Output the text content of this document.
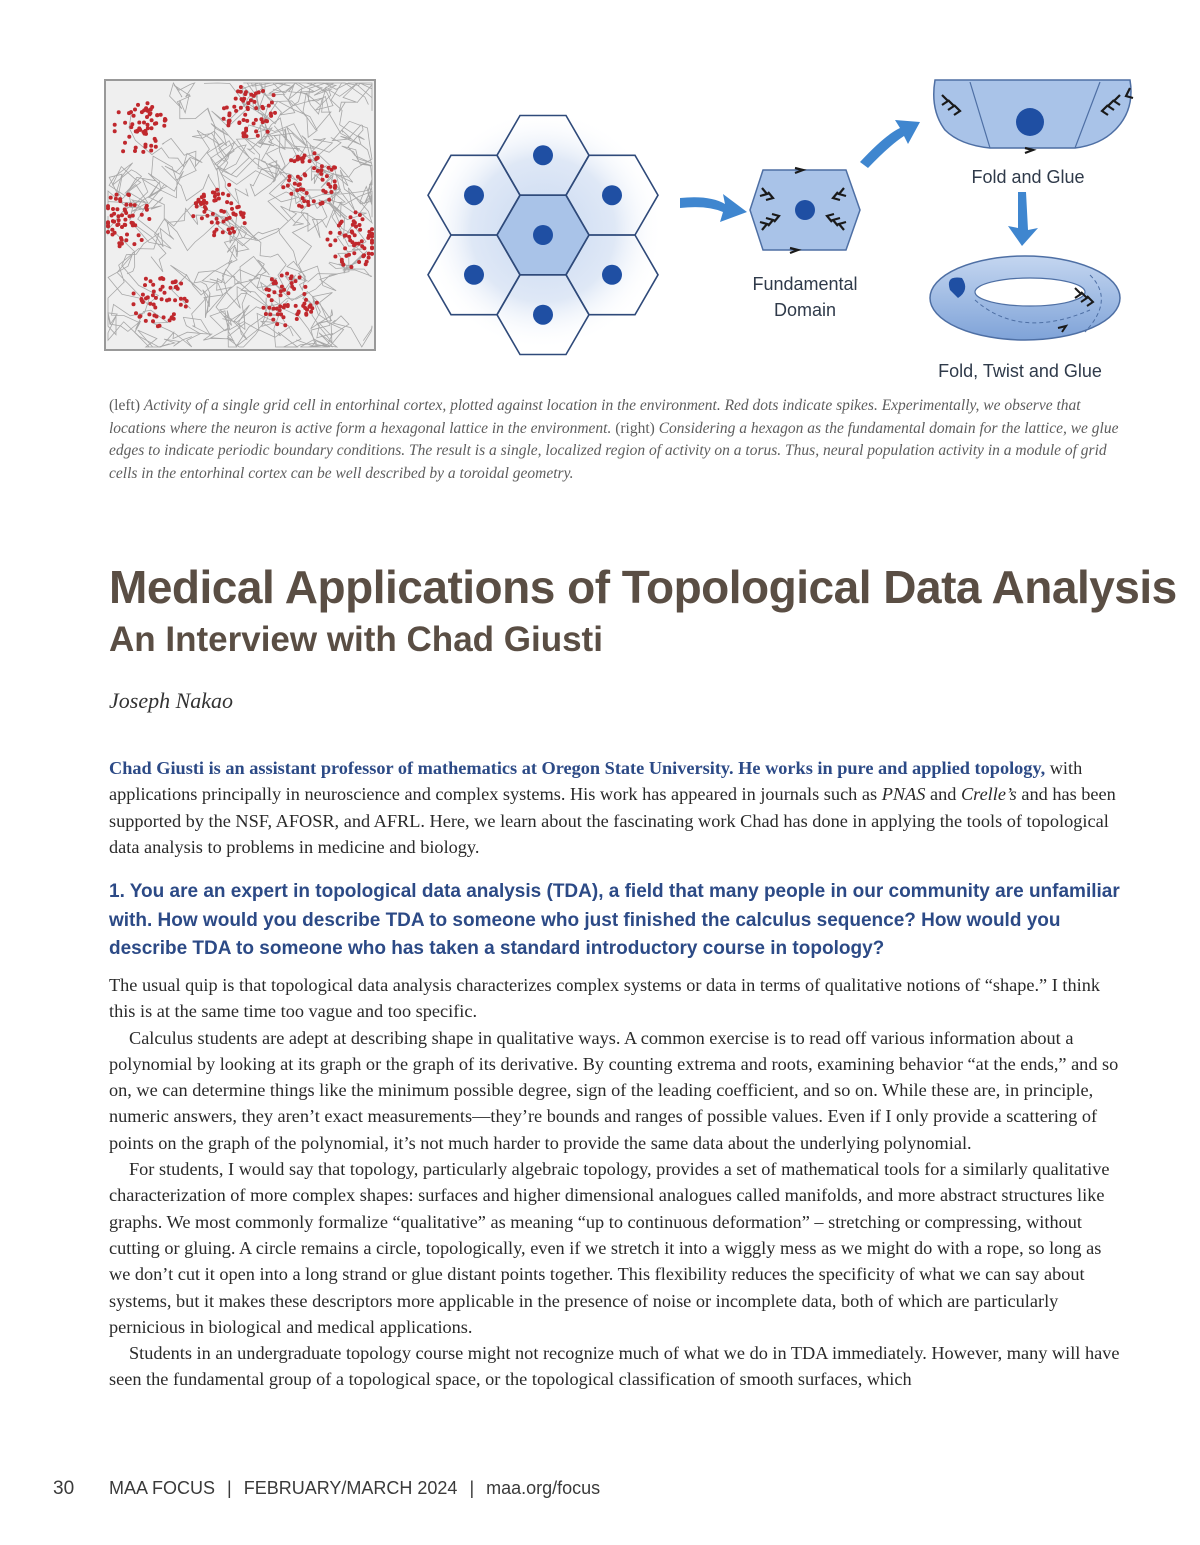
Fundamental
Domain
Fold and Glue
Fold, Twist and Glue
(left) Activity of a single grid cell in entorhinal cortex, plotted against location in the environment. Red dots indicate spikes. Experimentally, we observe that locations where the neuron is active form a hexagonal lattice in the environment. (right) Considering a hexagon as the fundamental domain for the lattice, we glue edges to indicate periodic boundary conditions. The result is a single, localized region of activity on a torus. Thus, neural population activity in a module of grid cells in the entorhinal cortex can be well described by a toroidal geometry.
Medical Applications of Topological Data Analysis
An Interview with Chad Giusti
Joseph Nakao
Chad Giusti is an assistant professor of mathematics at Oregon State University. He works in pure and applied topology, with applications principally in neuroscience and complex systems. His work has appeared in journals such as PNAS and Crelle’s and has been supported by the NSF, AFOSR, and AFRL. Here, we learn about the fascinating work Chad has done in applying the tools of topological data analysis to problems in medicine and biology.
1. You are an expert in topological data analysis (TDA), a field that many people in our community are unfamiliar with. How would you describe TDA to someone who just finished the calculus sequence? How would you describe TDA to someone who has taken a standard introductory course in topology?

The usual quip is that topological data analysis characterizes complex systems or data in terms of qualitative notions of “shape.” I think this is at the same time too vague and too specific.

Calculus students are adept at describing shape in qualitative ways. A common exercise is to read off various information about a polynomial by looking at its graph or the graph of its derivative. By counting extrema and roots, examining behavior “at the ends,” and so on, we can determine things like the minimum possible degree, sign of the leading coefficient, and so on. While these are, in principle, numeric answers, they aren’t exact measurements—they’re bounds and ranges of possible values. Even if I only provide a scattering of points on the graph of the polynomial, it’s not much harder to provide the same data about the underlying polynomial.

For students, I would say that topology, particularly algebraic topology, provides a set of mathematical tools for a similarly qualitative characterization of more complex shapes: surfaces and higher dimensional analogues called manifolds, and more abstract structures like graphs. We most commonly formalize “qualitative” as meaning “up to continuous deformation” – stretching or compressing, without cutting or gluing. A circle remains a circle, topologically, even if we stretch it into a wiggly mess as we might do with a rope, so long as we don’t cut it open into a long strand or glue distant points together. This flexibility reduces the specificity of what we can say about systems, but it makes these descriptors more applicable in the presence of noise or incomplete data, both of which are particularly pernicious in biological and medical applications.

Students in an undergraduate topology course might not recognize much of what we do in TDA immediately. However, many will have seen the fundamental group of a topological space, or the topological classification of smooth surfaces, which

30 MAA FOCUS | FEBRUARY/MARCH 2024 | maa.org/focus
